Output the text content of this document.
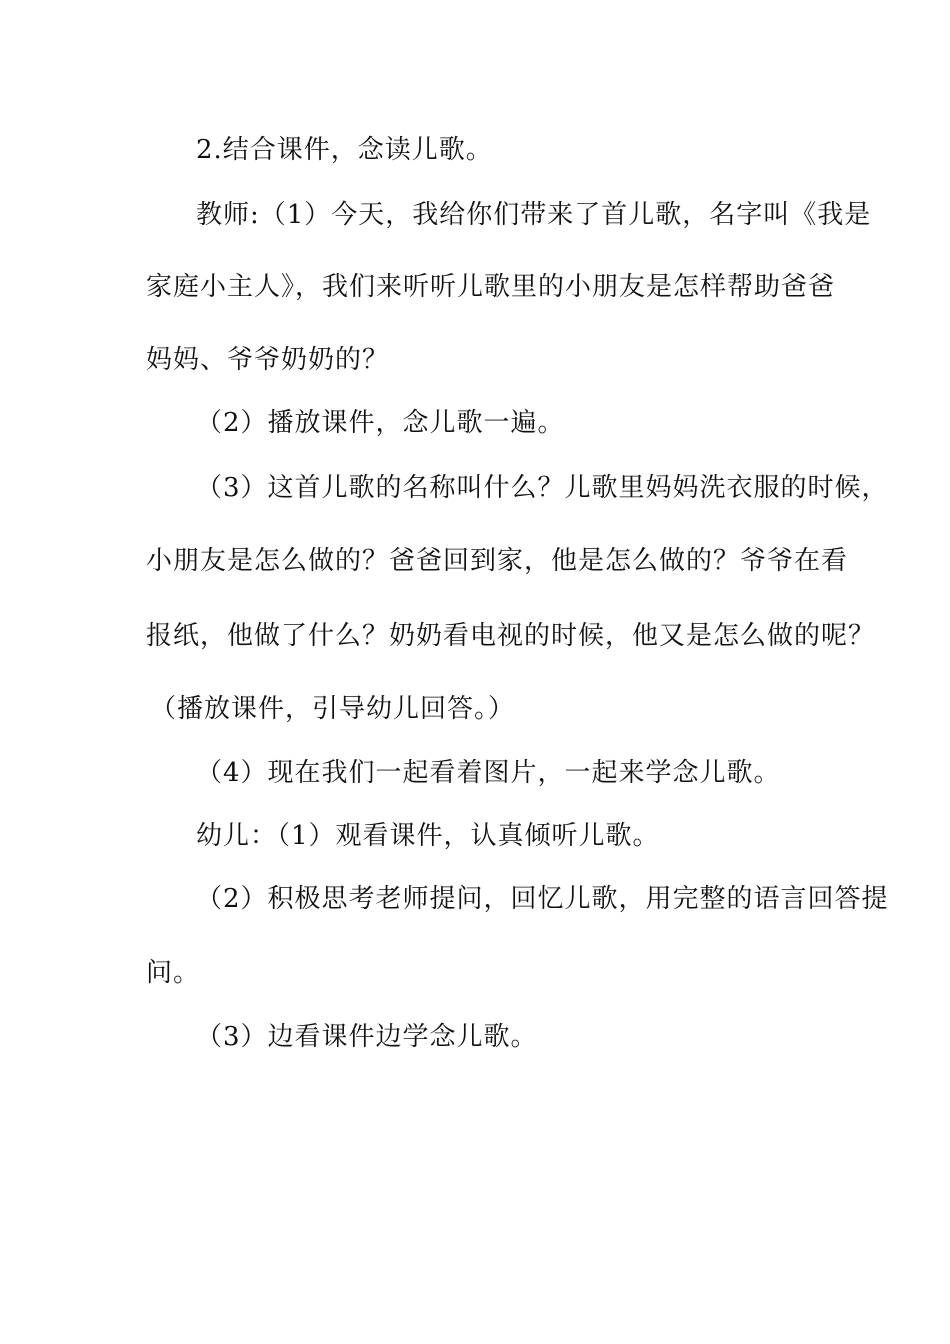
2.结合课件，念读儿歌。
教师:（1）今天，我给你们带来了首儿歌，名字叫《我是
家庭小主人》，我们来听听儿歌里的小朋友是怎样帮助爸爸
妈妈、爷爷奶奶的？
（2）播放课件，念儿歌一遍。
（3）这首儿歌的名称叫什么？儿歌里妈妈洗衣服的时候，
小朋友是怎么做的？爸爸回到家，他是怎么做的？爷爷在看
报纸，他做了什么？奶奶看电视的时候，他又是怎么做的呢？
（播放课件，引导幼儿回答。）
（4）现在我们一起看着图片，一起来学念儿歌。
幼儿：（1）观看课件，认真倾听儿歌。
（2）积极思考老师提问，回忆儿歌，用完整的语言回答提
问。
（3）边看课件边学念儿歌。
